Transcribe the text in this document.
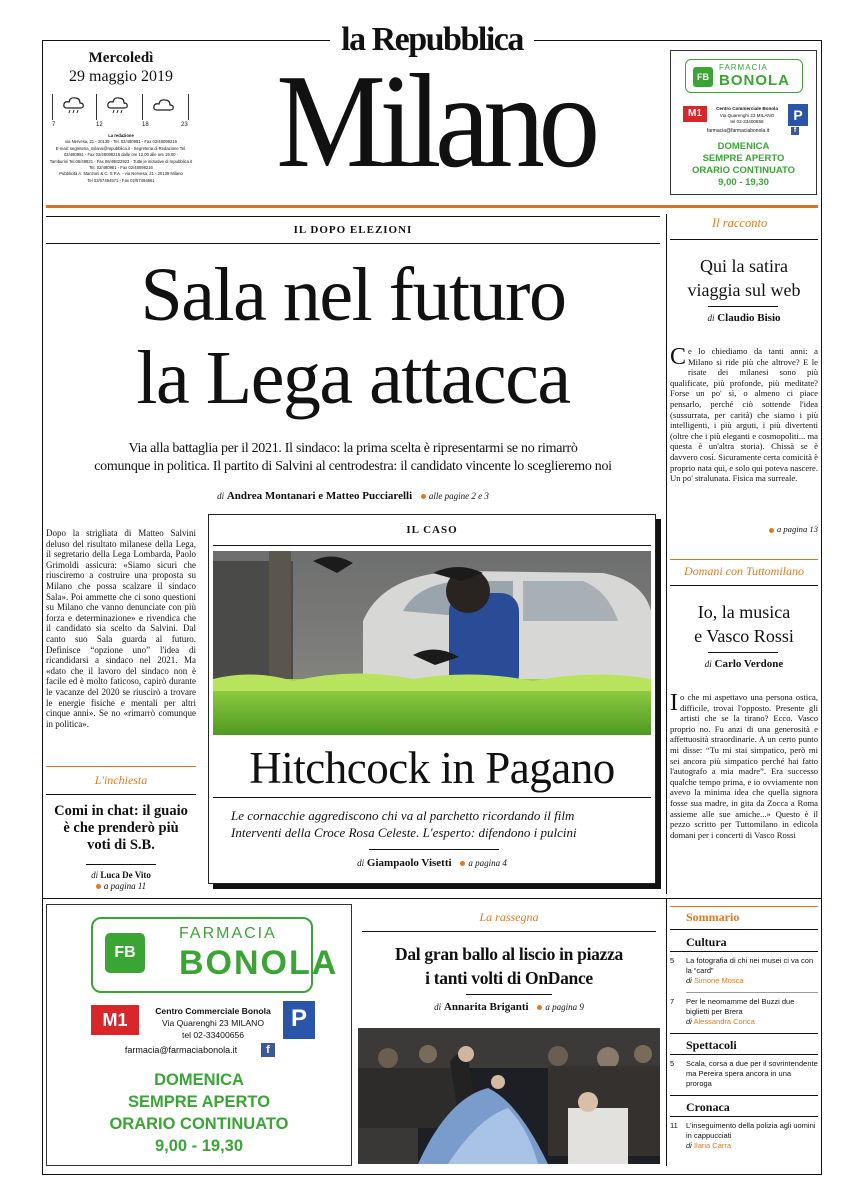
la Repubblica
Mercoledì
29 maggio 2019
7	12	18	23
La redazione
via Nervesa, 21 - 20139 - Tel. 02/480981 - Fax 02/48098216
E-mail: segreteria_milano@repubblica.it - Segreteria di Redazione Tel.
02/480981 - Fax 02/48098216 dalle ore 12.00 alle ore 19.00 -
Tamburini Tel.06/49821 - Fax 06/49822923 - Tutte le iniziative di repubblica.it
Tel. 02/480981 - Fax 02/48098216
Pubblicità A. Manzoni & C. S.P.A. - via Nervesa, 21 - 20139 Milano
Tel 02/57494571 - Fax 02/57494961 Milano	FB
FARMACIA
BONOLA
M1	Centro Commerciale Bonola
Via Quarenghi 23 MILANO
tel 02-33400656	P
farmacia@farmaciabonola.it	f
DOMENICA
SEMPRE APERTO
ORARIO CONTINUATO
9,00 - 19,30
IL DOPO ELEZIONI
Sala nel futuro
la Lega attacca
Via alla battaglia per il 2021. Il sindaco: la prima scelta è ripresentarmi se no rimarrò
comunque in politica. Il partito di Salvini al centrodestra: il candidato vincente lo sceglieremo noi
di Andrea Montanari e Matteo Pucciarelli alle pagine 2 e 3
Dopo la strigliata di Matteo Salvini deluso del risultato milanese della Lega, il segretario della Lega Lombarda, Paolo Grimoldi assicura: «Siamo sicuri che riusciremo a costruire una proposta su Milano che possa scalzare il sindaco Sala». Poi ammette che ci sono questioni su Milano che vanno denunciate con più forza e determinazione» e rivendica che il candidato sia scelto da Salvini. Dal canto suo Sala guarda al futuro. Definisce “opzione uno” l'idea di ricandidarsi a sindaco nel 2021. Ma «dato che il lavoro del sindaco non è facile ed è molto faticoso, capirò durante le vacanze del 2020 se riuscirò a trovare le energie fisiche e mentali per altri cinque anni». Se no «rimarrò comunque in politica».
L'inchiesta
Comi in chat: il guaio è che prenderò più voti di S.B.
di Luca De Vito
a pagina 11
IL CASO
Hitchcock in Pagano
Le cornacchie aggrediscono chi va al parchetto ricordando il film
Interventi della Croce Rosa Celeste. L'esperto: difendono i pulcini
di Giampaolo Visetti a pagina 4
Il racconto
Qui la satira
viaggia sul web
di Claudio Bisio
Ce lo chiediamo da tanti anni: a Milano si ride più che altrove? E le risate dei milanesi sono più qualificate, più profonde, più meditate? Forse un po' sì, o almeno ci piace pensarlo, perché ciò sottende l'idea (sussurrata, per carità) che siamo i più intelligenti, i più arguti, i più divertenti (oltre che i più eleganti e cosmopoliti... ma questa è un'altra storia). Chissà se è davvero così. Sicuramente certa comicità è proprio nata qui, e solo qui poteva nascere. Un po' stralunata. Fisica ma surreale.
a pagina 13
Domani con Tuttomilano
Io, la musica
e Vasco Rossi
di Carlo Verdone
Io che mi aspettavo una persona ostica, difficile, trovai l'opposto. Presente gli artisti che se la tirano? Ecco. Vasco proprio no. Fu anzi di una generosità e affettuosità straordinarie. A un certo punto mi disse: “Tu mi stai simpatico, però mi sei ancora più simpatico perché hai fatto l'autografo a mia madre”. Era successo qualche tempo prima, e io ovviamente non avevo la minima idea che quella signora fosse sua madre, in gita da Zocca a Roma assieme alle sue amiche...» Questo è il pezzo scritto per Tuttomilano in edicola domani per i concerti di Vasco Rossi
FB
FARMACIA
BONOLA
M1	Centro Commerciale Bonola
Via Quarenghi 23 MILANO
tel 02-33400656
P
farmacia@farmaciabonola.it	f
DOMENICA
SEMPRE APERTO
ORARIO CONTINUATO
9,00 - 19,30
La rassegna
Dal gran ballo al liscio in piazza
i tanti volti di OnDance
di Annarita Briganti a pagina 9
Sommario
Cultura
5	La fotografia di chi nei musei ci va con la “card”
di Simone Mosca
7	Per le neomamme del Buzzi due biglietti per Brera
di Alessandra Corica
Spettacoli
5	Scala, corsa a due per il sovrintendente ma Pereira spera ancora in una proroga
Cronaca
11	L'inseguimento della polizia agli uomini in cappucciati
di Ilaria Carra
